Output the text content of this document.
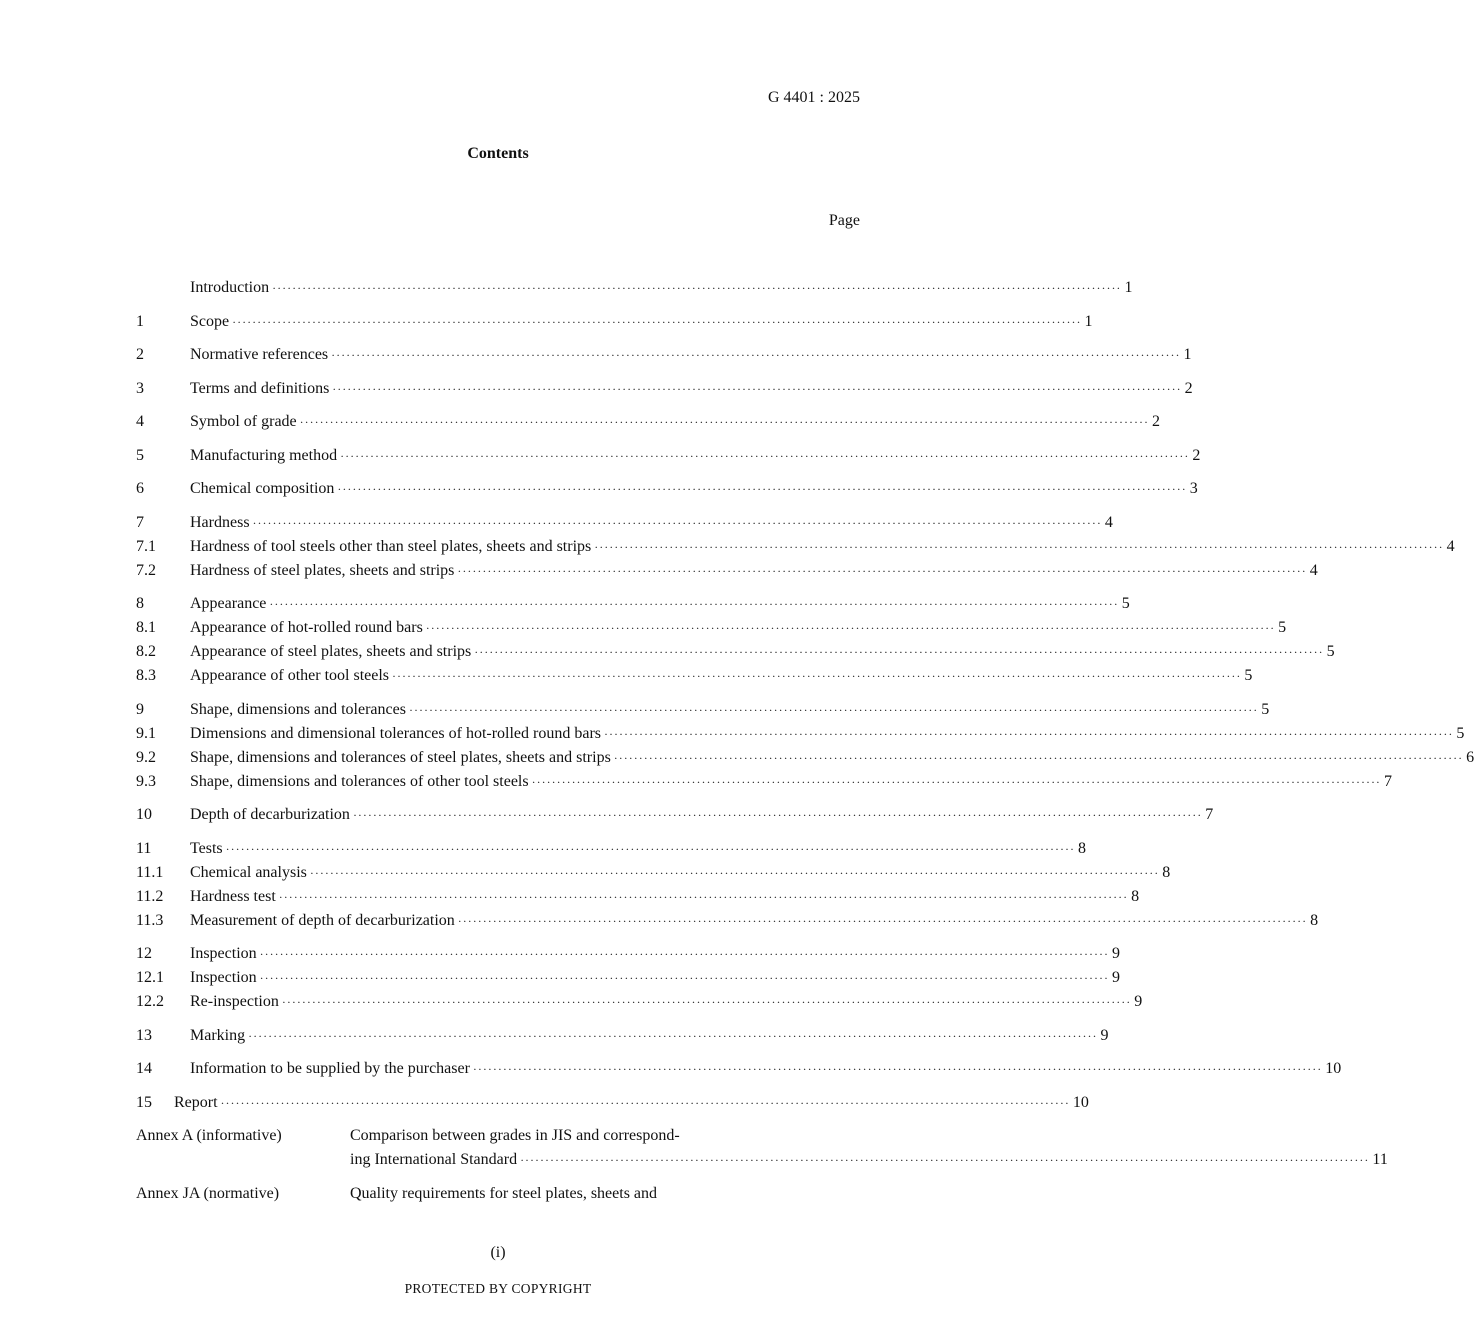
G 4401 : 2025
Contents
Page
Introduction ·····	1
1	Scope ·····	1
2	Normative references ·····	1
3	Terms and definitions ·····	2
4	Symbol of grade ·····	2
5	Manufacturing method ·····	2
6	Chemical composition ·····	3
7	Hardness ·····	4
7.1	Hardness of tool steels other than steel plates, sheets and strips ·····	4
7.2	Hardness of steel plates, sheets and strips ·····	4
8	Appearance ·····	5
8.1	Appearance of hot-rolled round bars ·····	5
8.2	Appearance of steel plates, sheets and strips ·····	5
8.3	Appearance of other tool steels ·····	5
9	Shape, dimensions and tolerances ·····	5
9.1	Dimensions and dimensional tolerances of hot-rolled round bars ·····	5
9.2	Shape, dimensions and tolerances of steel plates, sheets and strips ·····	6
9.3	Shape, dimensions and tolerances of other tool steels ·····	7
10	Depth of decarburization ·····	7
11	Tests ·····	8
11.1	Chemical analysis ·····	8
11.2	Hardness test ·····	8
11.3	Measurement of depth of decarburization ·····	8
12	Inspection ·····	9
12.1	Inspection ·····	9
12.2	Re-inspection ·····	9
13	Marking ·····	9
14	Information to be supplied by the purchaser ·····	10
15	Report ·····	10
Annex A (informative)	Comparison between grades in JIS and correspond-
ing International Standard ·····	11
Annex JA (normative)	Quality requirements for steel plates, sheets and
(i)
PROTECTED BY COPYRIGHT
